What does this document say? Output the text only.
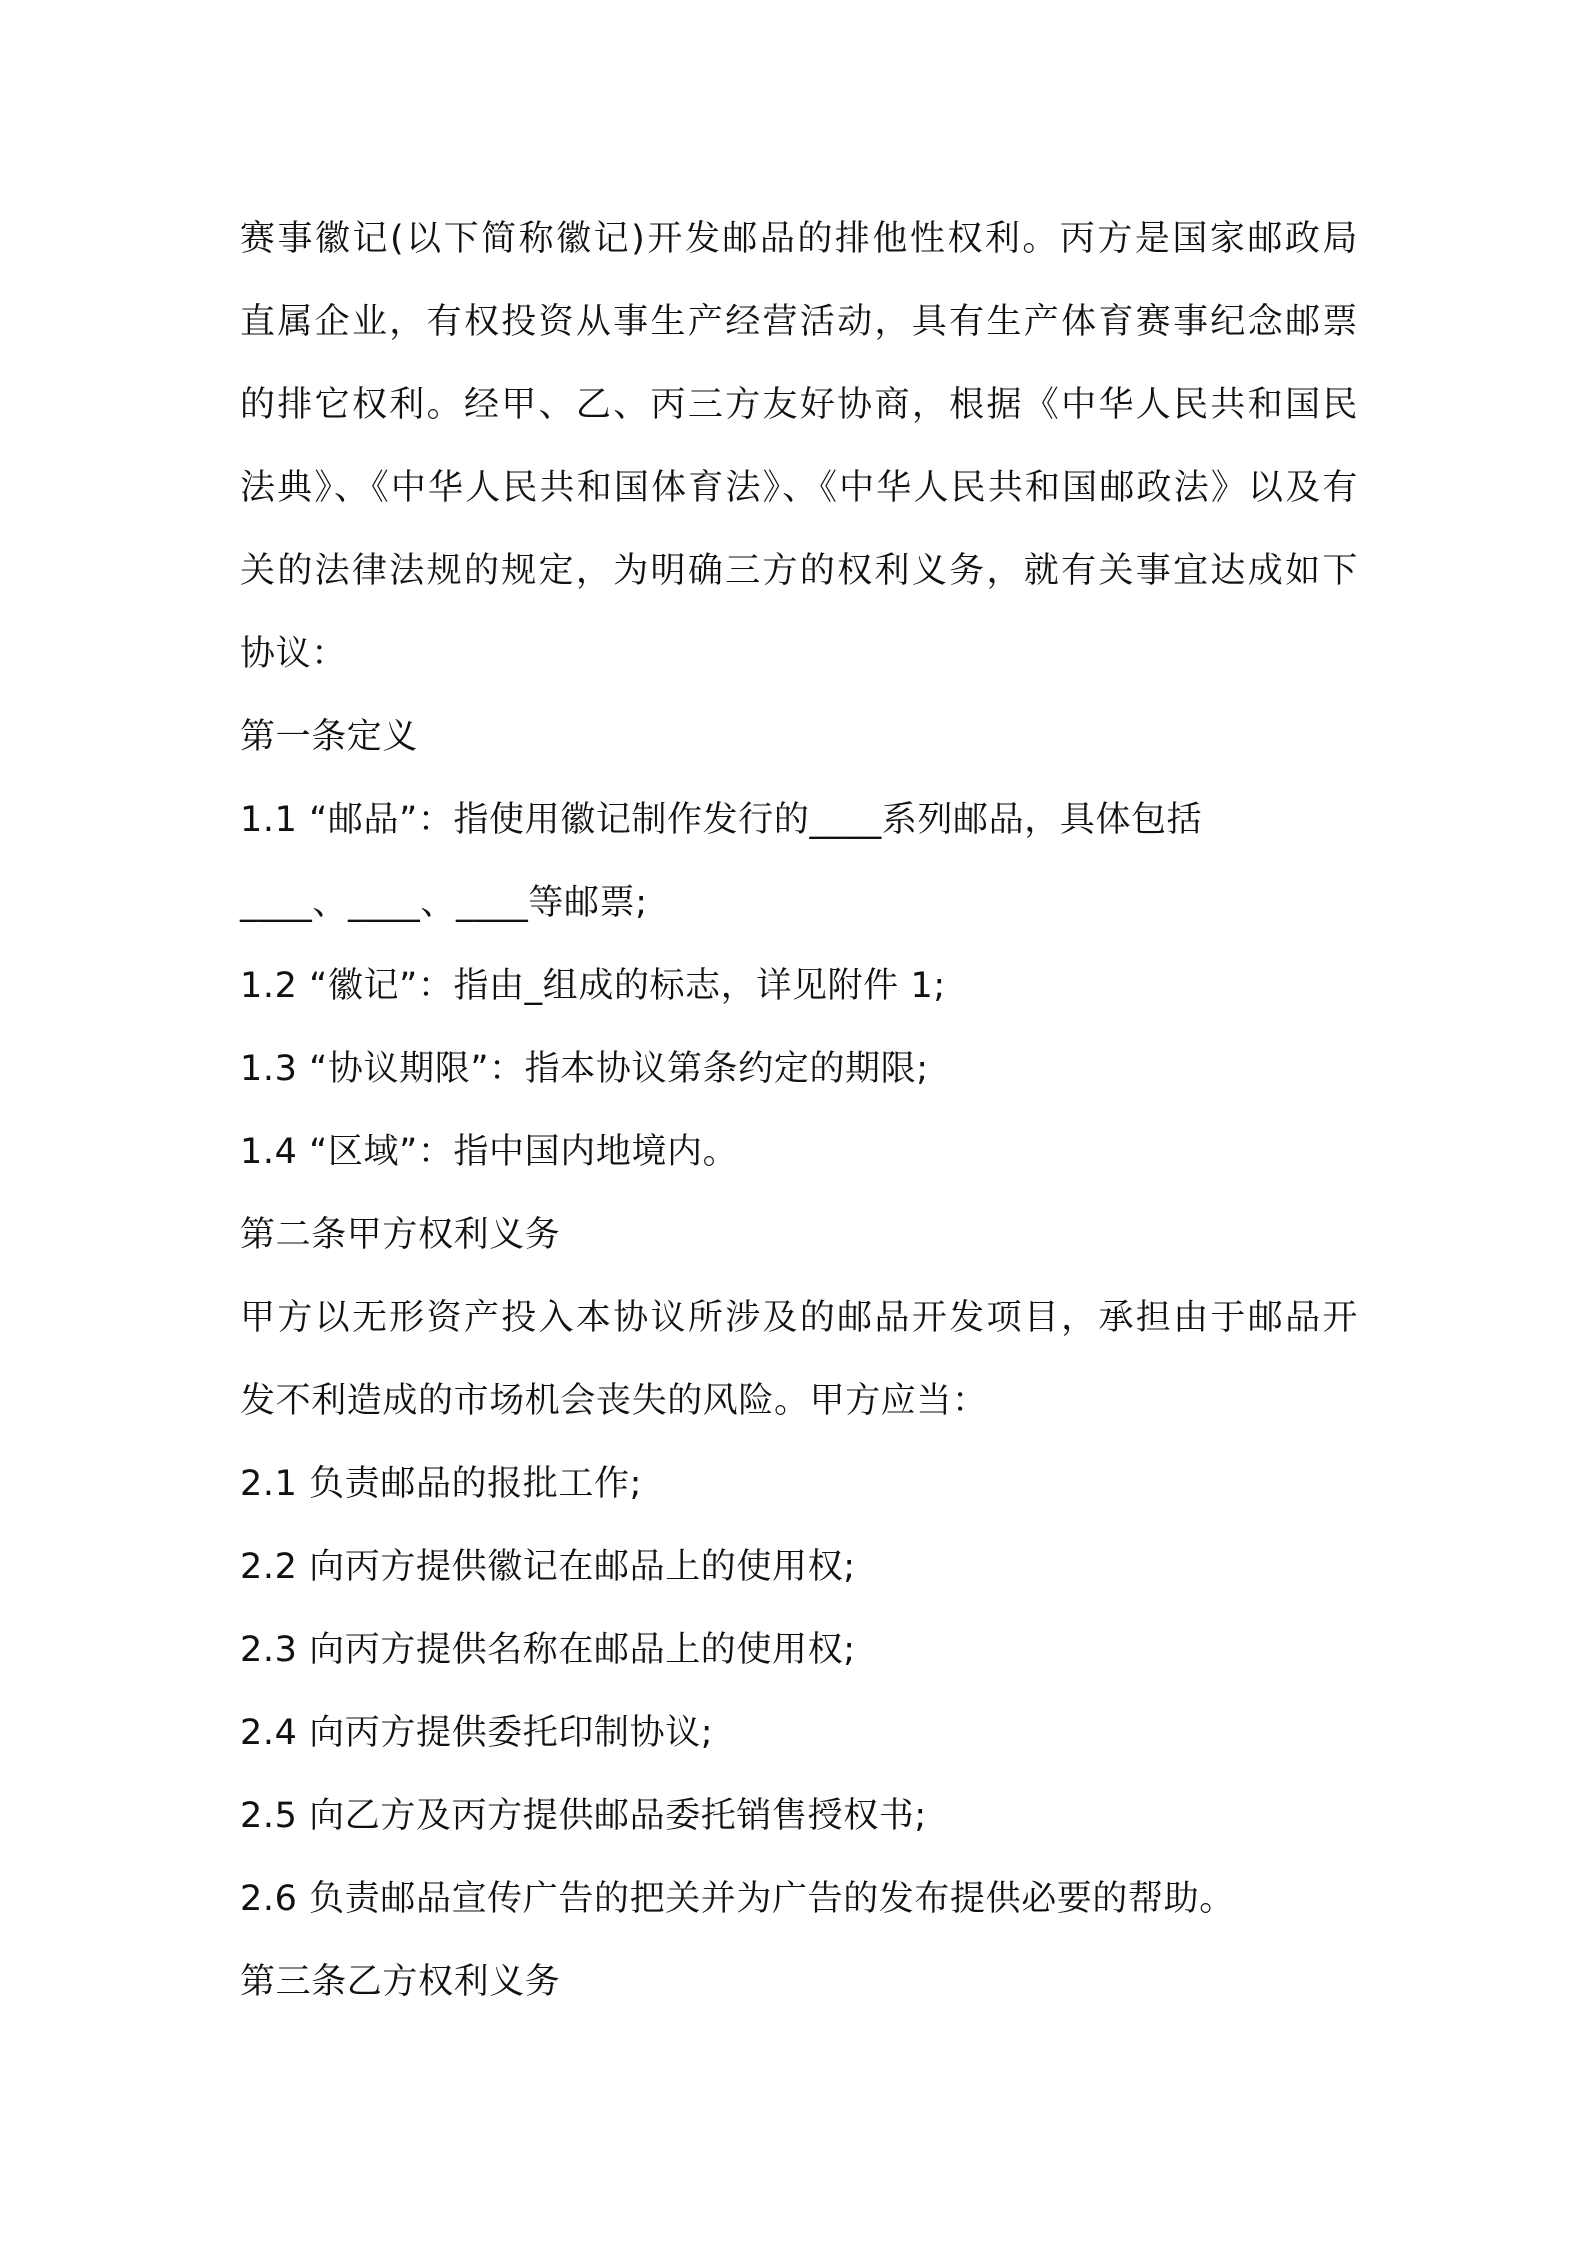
赛事徽记(以下简称徽记)开发邮品的排他性权利。丙方是国家邮政局
直属企业，有权投资从事生产经营活动，具有生产体育赛事纪念邮票
的排它权利。经甲、乙、丙三方友好协商，根据《中华人民共和国民
法典》、《中华人民共和国体育法》、《中华人民共和国邮政法》以及有
关的法律法规的规定，为明确三方的权利义务，就有关事宜达成如下
协议：
第一条定义
1.1 “邮品”：指使用徽记制作发行的____系列邮品，具体包括
____、____、____等邮票;
1.2 “徽记”：指由_组成的标志，详见附件 1;
1.3 “协议期限”：指本协议第条约定的期限;
1.4 “区域”：指中国内地境内。
第二条甲方权利义务
甲方以无形资产投入本协议所涉及的邮品开发项目，承担由于邮品开
发不利造成的市场机会丧失的风险。甲方应当：
2.1 负责邮品的报批工作;
2.2 向丙方提供徽记在邮品上的使用权;
2.3 向丙方提供名称在邮品上的使用权;
2.4 向丙方提供委托印制协议;
2.5 向乙方及丙方提供邮品委托销售授权书;
2.6 负责邮品宣传广告的把关并为广告的发布提供必要的帮助。
第三条乙方权利义务
